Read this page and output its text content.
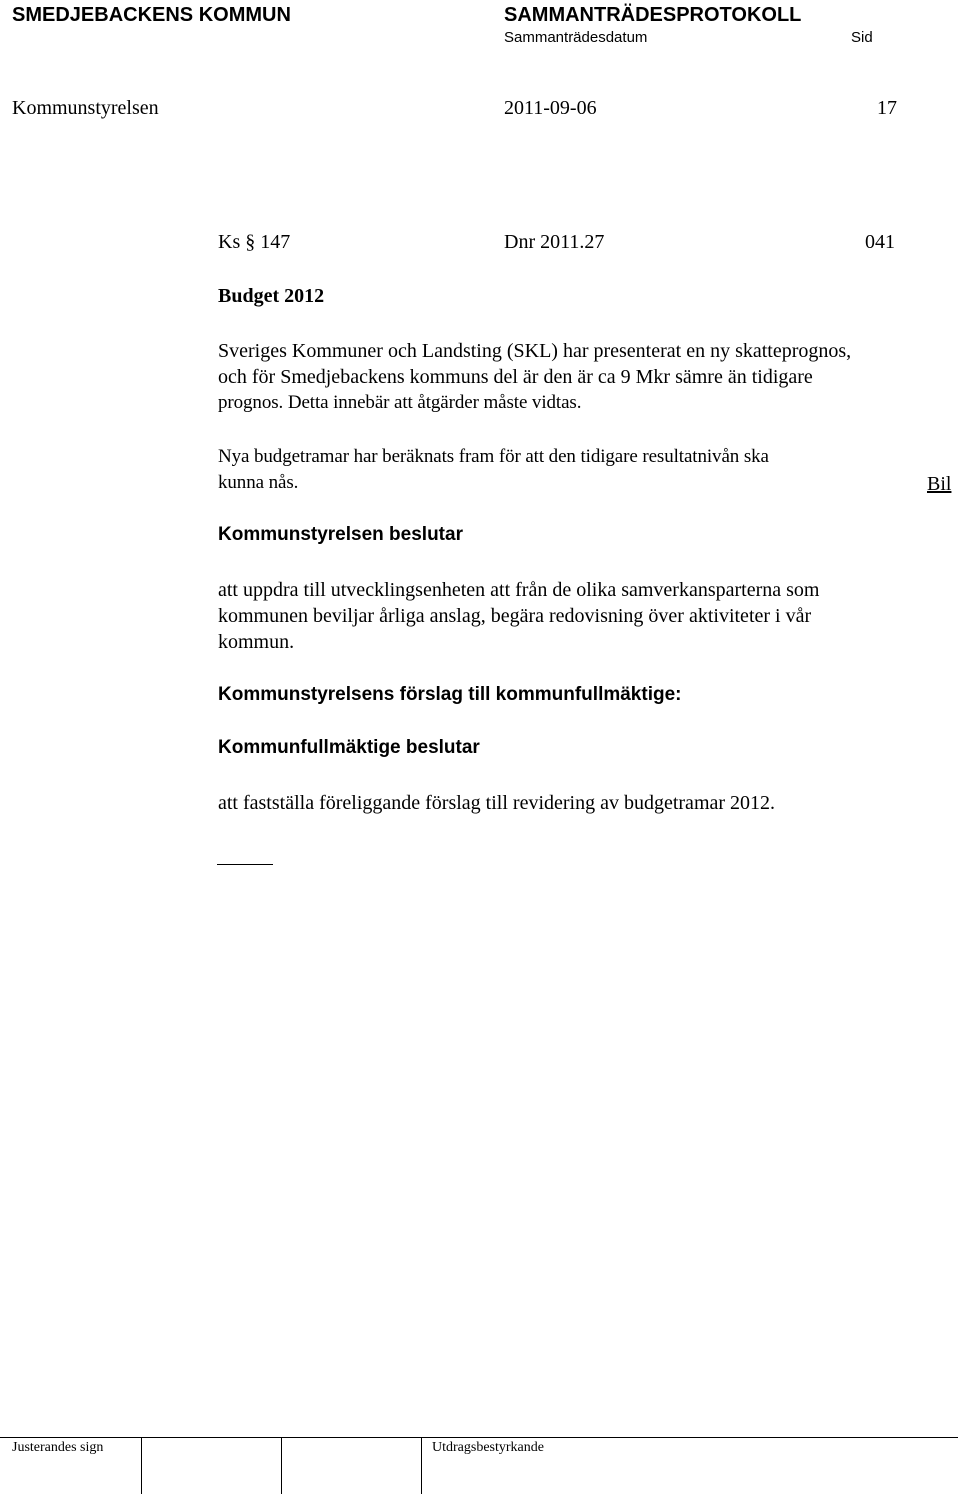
SMEDJEBACKENS KOMMUN	SAMMANTRÄDESPROTOKOLL
Sammanträdesdatum	Sid
Kommunstyrelsen	2011-09-06	17
Ks § 147	Dnr 2011.27	041
Budget 2012
Sveriges Kommuner och Landsting (SKL) har presenterat en ny skatteprognos,
och för Smedjebackens kommuns del är den är ca 9 Mkr sämre än tidigare
prognos. Detta innebär att åtgärder måste vidtas.
Nya budgetramar har beräknats fram för att den tidigare resultatnivån ska
kunna nås.	Bil
Kommunstyrelsen beslutar
att uppdra till utvecklingsenheten att från de olika samverkansparterna som
kommunen beviljar årliga anslag, begära redovisning över aktiviteter i vår
kommun.
Kommunstyrelsens förslag till kommunfullmäktige:
Kommunfullmäktige beslutar
att fastställa föreliggande förslag till revidering av budgetramar 2012.
Justerandes sign	Utdragsbestyrkande
